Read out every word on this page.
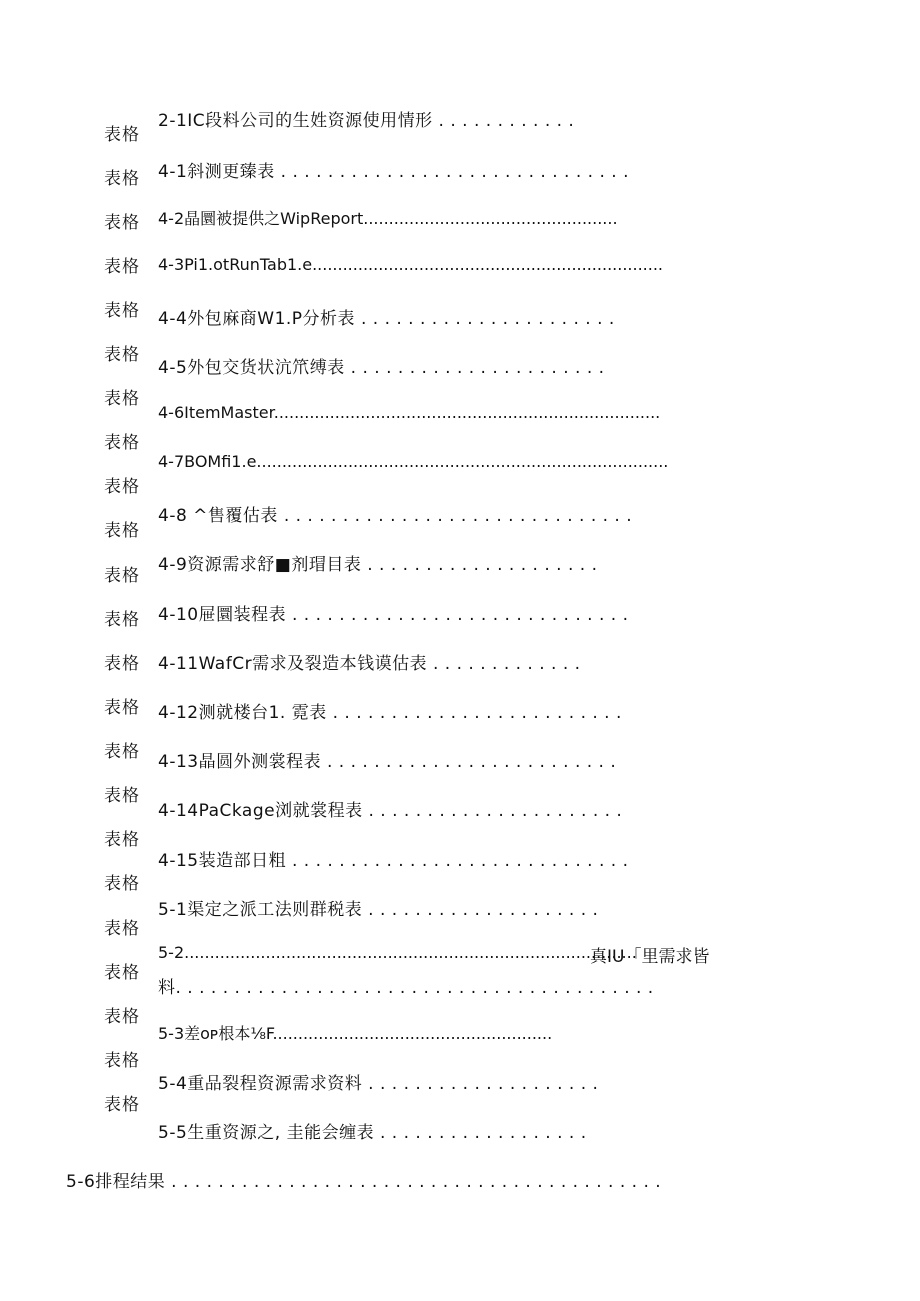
表格
表格
表格
表格
表格
表格
表格
表格
表格
表格
表格
表格
表格
表格
表格
表格
表格
表格
表格
表格
表格
表格
表格
2-1IC段料公司的生姓资源使用情形 . . . . . . . . . . . .
4-1斜测更臻表 . . . . . . . . . . . . . . . . . . . . . . . . . . . . . .
4-2晶圜被提供之WipReport..................................................
4-3Pi1.otRunTab1.e.....................................................................
4-4外包麻商W1.P分析表 . . . . . . . . . . . . . . . . . . . . . .
4-5外包交货状沆笊缚表 . . . . . . . . . . . . . . . . . . . . . .
4-6ItemMaster............................................................................
4-7BOMfi1.e.................................................................................
4-8 ^售覆估表 . . . . . . . . . . . . . . . . . . . . . . . . . . . . . .
4-9资源需求舒■剂瑁目表 . . . . . . . . . . . . . . . . . . . .
4-10屉圜装程表 . . . . . . . . . . . . . . . . . . . . . . . . . . . . .
4-11WafCr需求及裂造本钱谟估表 . . . . . . . . . . . . .
4-12测就楼台1. 霓表 . . . . . . . . . . . . . . . . . . . . . . . . .
4-13晶圆外测裳程表 . . . . . . . . . . . . . . . . . . . . . . . . .
4-14PaCkage浏就裳程表 . . . . . . . . . . . . . . . . . . . . . .
4-15装造部日粗 . . . . . . . . . . . . . . . . . . . . . . . . . . . . .
5-1渠定之派工法则群税表 . . . . . . . . . . . . . . . . . . . .
5-2.........................................................................................
真IU「里需求皆
料. . . . . . . . . . . . . . . . . . . . . . . . . . . . . . . . . . . . . . . . .
5-3差ᴏᴘ根本⅛F.......................................................
5-4重品裂程资源需求资料 . . . . . . . . . . . . . . . . . . . .
5-5生重资源之, 圭能会缠表 . . . . . . . . . . . . . . . . . .
5-6排程结果 . . . . . . . . . . . . . . . . . . . . . . . . . . . . . . . . . . . . . . . . . .
